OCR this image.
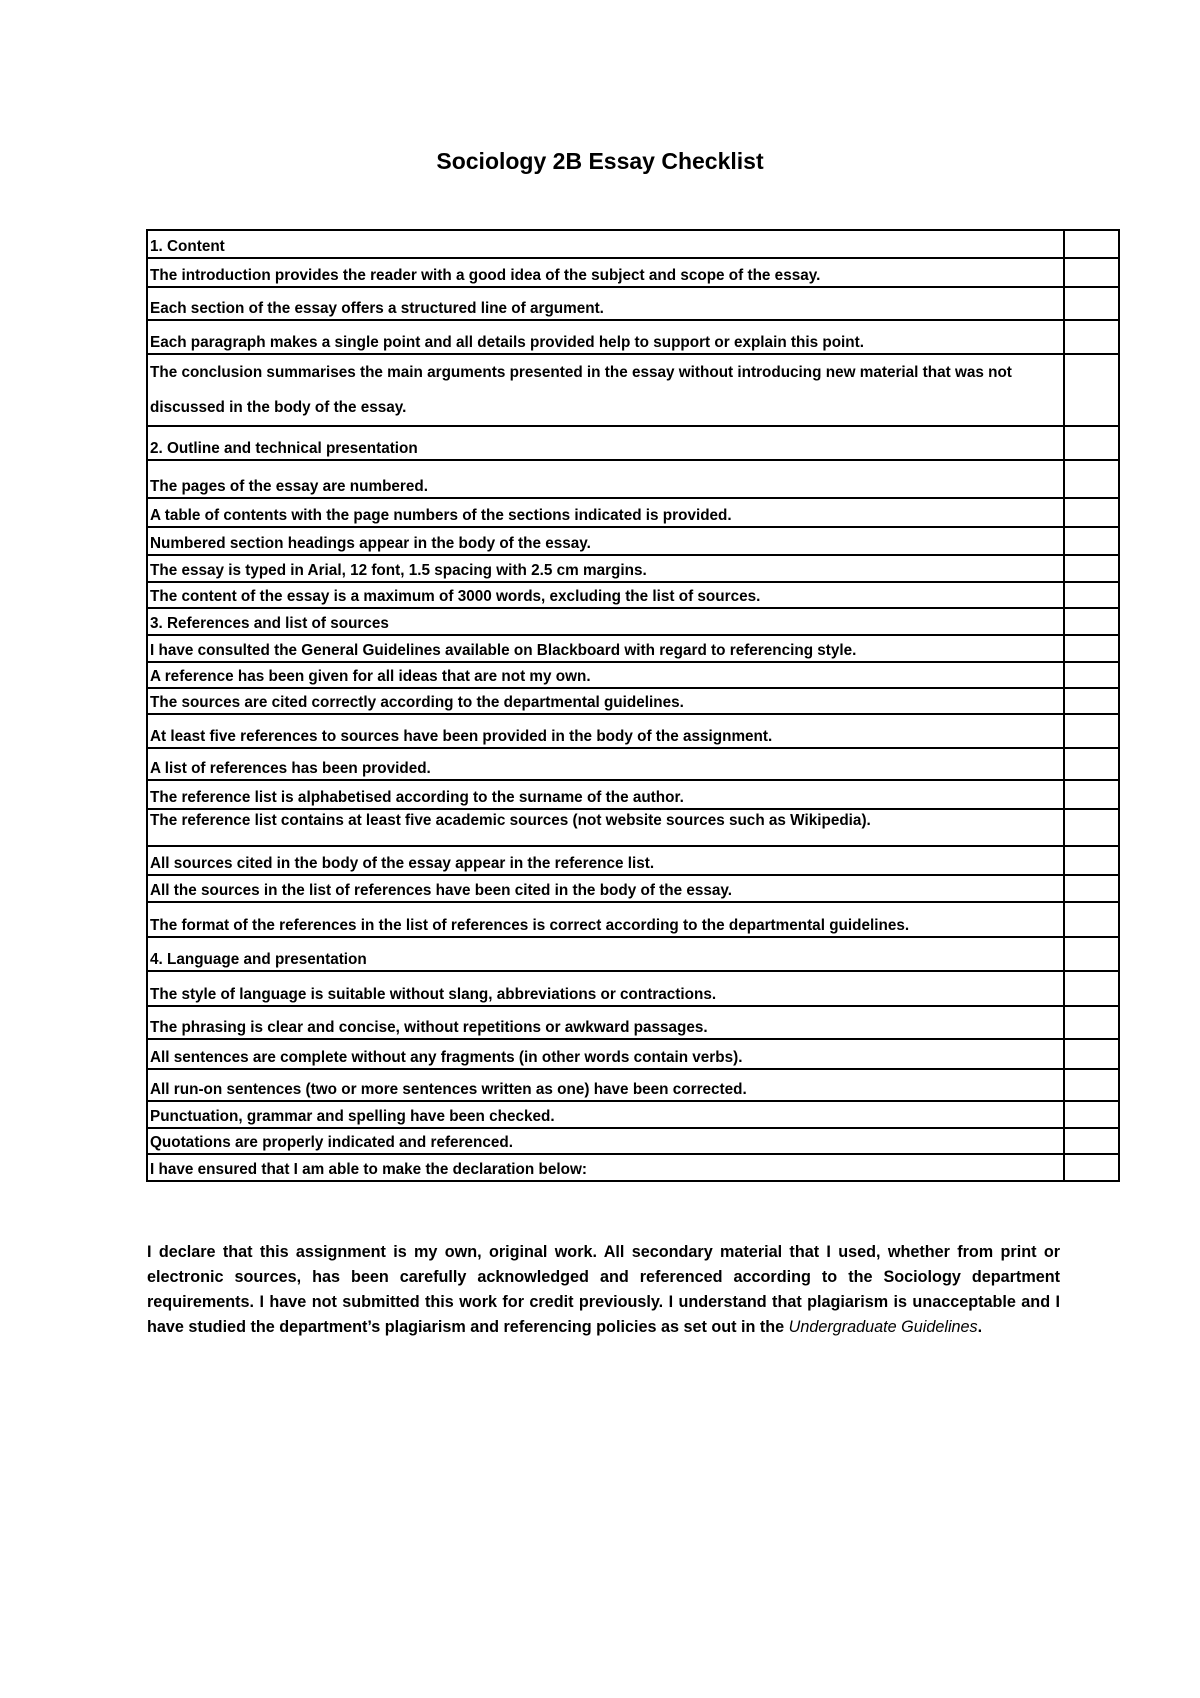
Sociology 2B Essay Checklist
1. Content	
The introduction provides the reader with a good idea of the subject and scope of the essay.	
Each section of the essay offers a structured line of argument.	
Each paragraph makes a single point and all details provided help to support or explain this point.	
The conclusion summarises the main arguments presented in the essay without introducing new material that was not discussed in the body of the essay.	
2. Outline and technical presentation	
The pages of the essay are numbered.	
A table of contents with the page numbers of the sections indicated is provided.	
Numbered section headings appear in the body of the essay.	
The essay is typed in Arial, 12 font, 1.5 spacing with 2.5 cm margins.	
The content of the essay is a maximum of 3000 words, excluding the list of sources.	
3. References and list of sources	
I have consulted the General Guidelines available on Blackboard with regard to referencing style.	
A reference has been given for all ideas that are not my own.	
The sources are cited correctly according to the departmental guidelines.	
At least five references to sources have been provided in the body of the assignment.	
A list of references has been provided.	
The reference list is alphabetised according to the surname of the author.	
The reference list contains at least five academic sources (not website sources such as Wikipedia).	
All sources cited in the body of the essay appear in the reference list.	
All the sources in the list of references have been cited in the body of the essay.	
The format of the references in the list of references is correct according to the departmental guidelines.	
4. Language and presentation	
The style of language is suitable without slang, abbreviations or contractions.	
The phrasing is clear and concise, without repetitions or awkward passages.	
All sentences are complete without any fragments (in other words contain verbs).	
All run-on sentences (two or more sentences written as one) have been corrected.	
Punctuation, grammar and spelling have been checked.	
Quotations are properly indicated and referenced.	
I have ensured that I am able to make the declaration below:	

I declare that this assignment is my own, original work. All secondary material that I used, whether from print or electronic sources, has been carefully acknowledged and referenced according to the Sociology department requirements. I have not submitted this work for credit previously. I understand that plagiarism is unacceptable and I have studied the department’s plagiarism and referencing policies as set out in the Undergraduate Guidelines.
